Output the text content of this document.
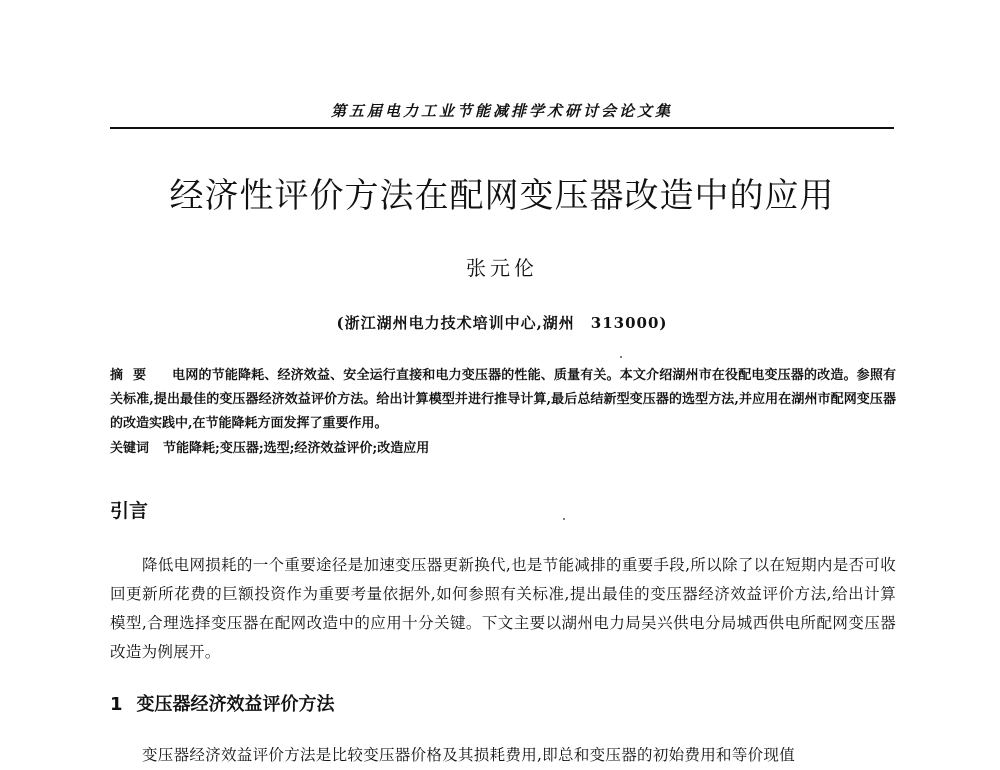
第五届电力工业节能减排学术研讨会论文集
经济性评价方法在配网变压器改造中的应用
张元伦
(浙江湖州电力技术培训中心,湖州　313000)
摘要 电网的节能降耗、经济效益、安全运行直接和电力变压器的性能、质量有关。本文介绍湖州市在役配电变压器的改造。参照有关标准,提出最佳的变压器经济效益评价方法。给出计算模型并进行推导计算,最后总结新型变压器的选型方法,并应用在湖州市配网变压器的改造实践中,在节能降耗方面发挥了重要作用。
关键词 节能降耗;变压器;选型;经济效益评价;改造应用
引言
降低电网损耗的一个重要途径是加速变压器更新换代,也是节能减排的重要手段,所以除了以在短期内是否可收回更新所花费的巨额投资作为重要考量依据外,如何参照有关标准,提出最佳的变压器经济效益评价方法,给出计算模型,合理选择变压器在配网改造中的应用十分关键。下文主要以湖州电力局吴兴供电分局城西供电所配网变压器改造为例展开。
1 变压器经济效益评价方法
变压器经济效益评价方法是比较变压器价格及其损耗费用,即总和变压器的初始费用和等价现值
